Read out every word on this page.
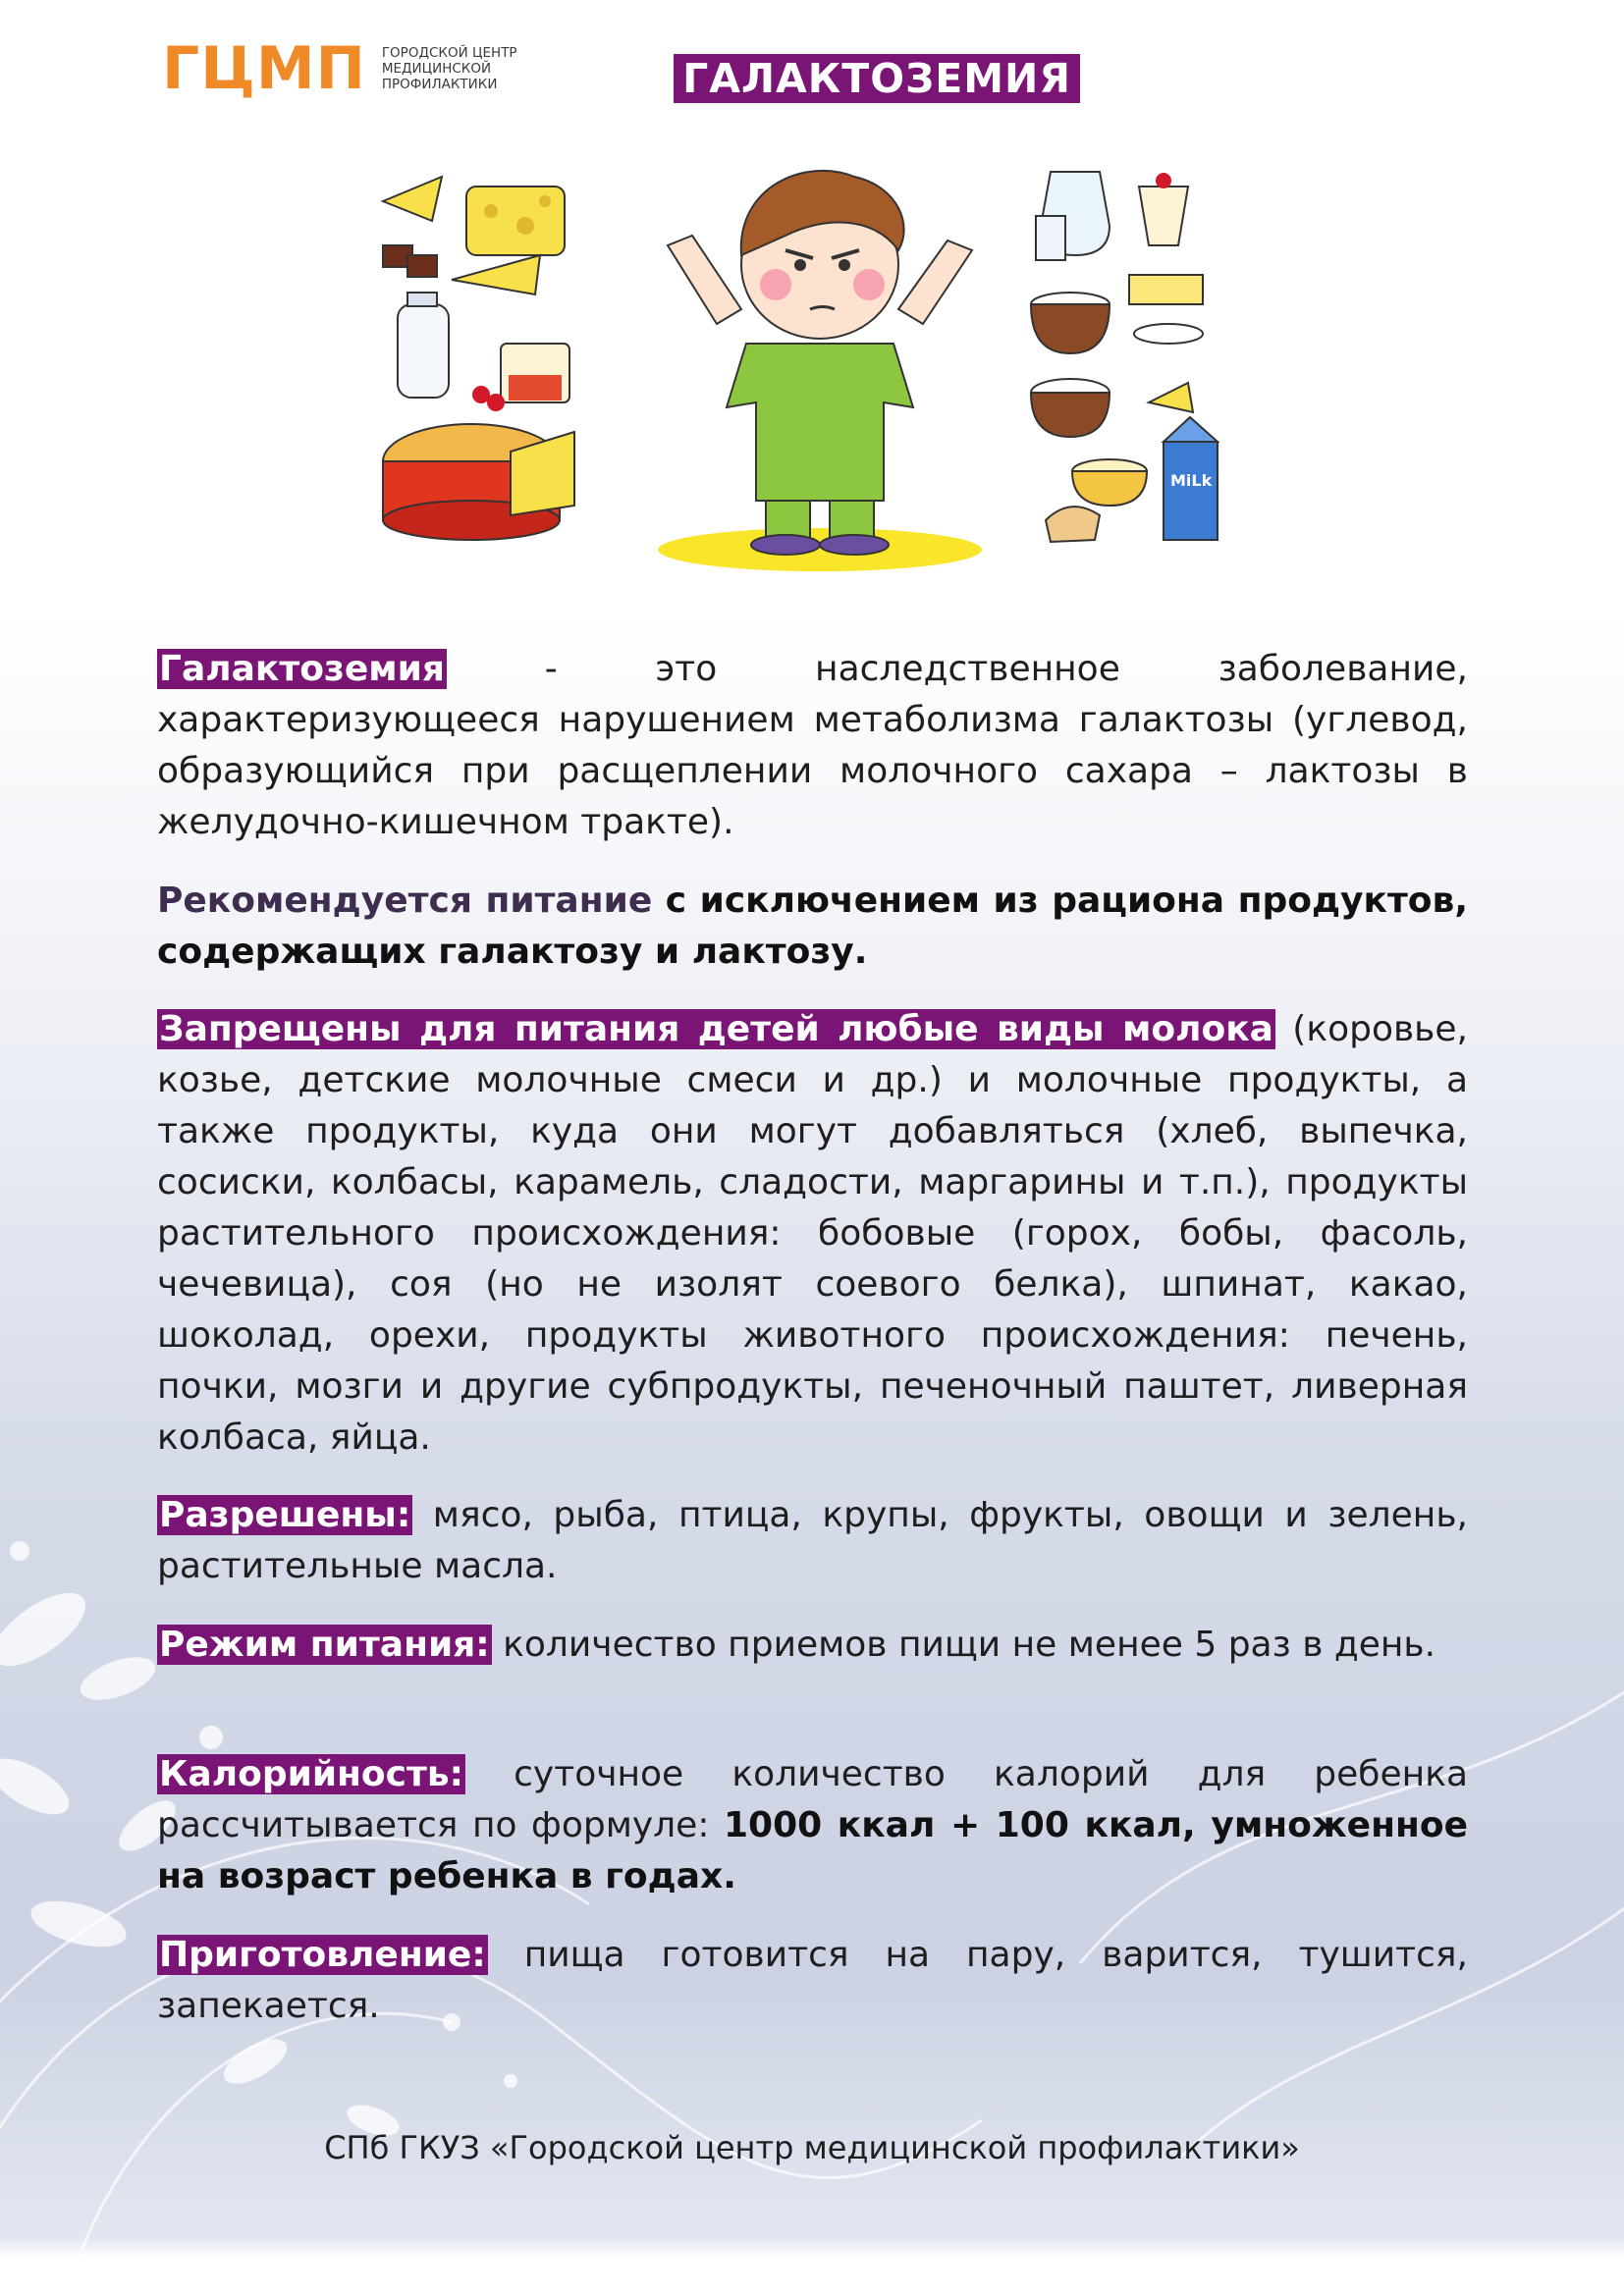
ГЦМП ГОРОДСКОЙ ЦЕНТР
МЕДИЦИНСКОЙ
ПРОФИЛАКТИКИ	ГАЛАКТОЗЕМИЯ
MiLk

Галактоземия - это наследственное заболевание, характеризующееся нарушением метаболизма галактозы (углевод, образующийся при расщеплении молочного сахара – лактозы в желудочно-кишечном тракте).

Рекомендуется питание с исключением из рациона продуктов, содержащих галактозу и лактозу.

Запрещены для питания детей любые виды молока (коровье, козье, детские молочные смеси и др.) и молочные продукты, а также продукты, куда они могут добавляться (хлеб, выпечка, сосиски, колбасы, карамель, сладости, маргарины и т.п.), продукты растительного происхождения: бобовые (горох, бобы, фасоль, чечевица), соя (но не изолят соевого белка), шпинат, какао, шоколад, орехи, продукты животного происхождения: печень, почки, мозги и другие субпродукты, печеночный паштет, ливерная колбаса, яйца.

Разрешены: мясо, рыба, птица, крупы, фрукты, овощи и зелень, растительные масла.

Режим питания: количество приемов пищи не менее 5 раз в день.

Калорийность: суточное количество калорий для ребенка рассчитывается по формуле: 1000 ккал + 100 ккал, умноженное на возраст ребенка в годах.

Приготовление: пища готовится на пару, варится, тушится, запекается.

СПб ГКУЗ «Городской центр медицинской профилактики»
